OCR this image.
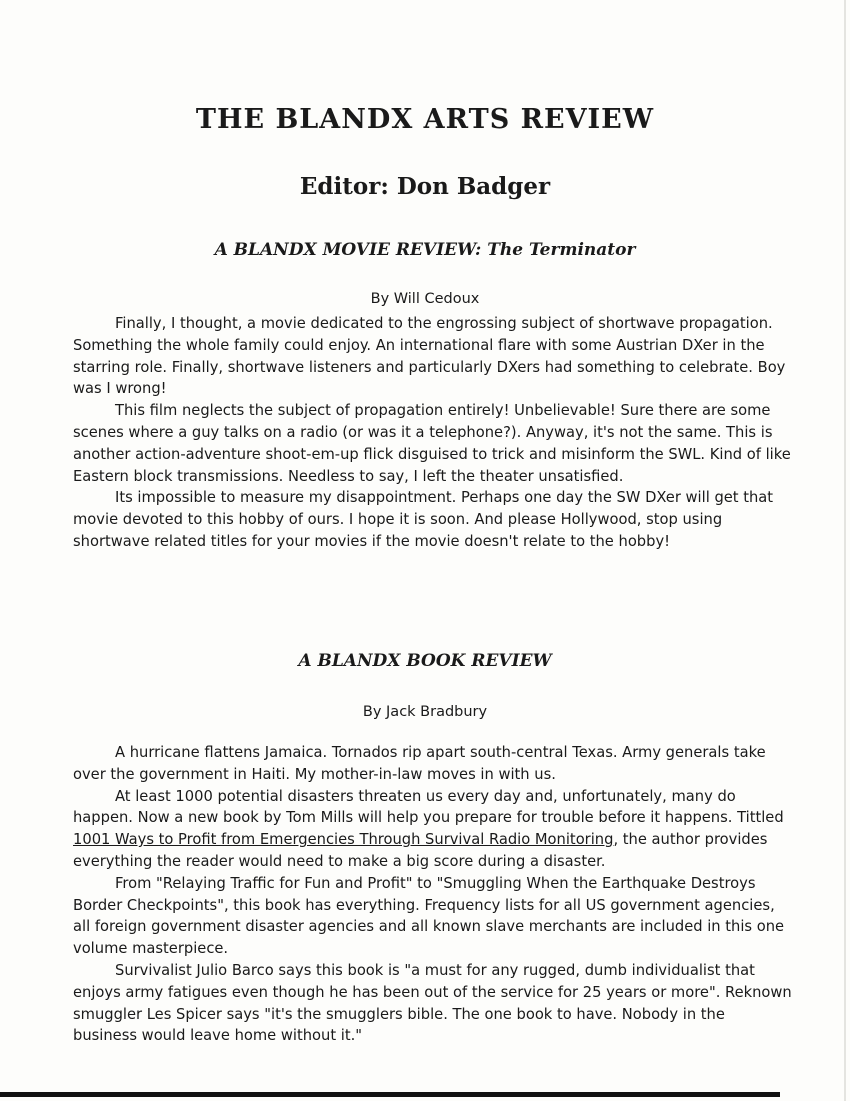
THE BLANDX ARTS REVIEW
Editor: Don Badger
A BLANDX MOVIE REVIEW: The Terminator
By Will Cedoux

Finally, I thought, a movie dedicated to the engrossing subject of shortwave propagation. Something the whole family could enjoy. An international flare with some Austrian DXer in the starring role. Finally, shortwave listeners and particularly DXers had something to celebrate. Boy was I wrong!

This film neglects the subject of propagation entirely! Unbelievable! Sure there are some scenes where a guy talks on a radio (or was it a telephone?). Anyway, it's not the same. This is another action-adventure shoot-em-up flick disguised to trick and misinform the SWL. Kind of like Eastern block transmissions. Needless to say, I left the theater unsatisfied.

Its impossible to measure my disappointment. Perhaps one day the SW DXer will get that movie devoted to this hobby of ours. I hope it is soon. And please Hollywood, stop using shortwave related titles for your movies if the movie doesn't relate to the hobby!

A BLANDX BOOK REVIEW
By Jack Bradbury

A hurricane flattens Jamaica. Tornados rip apart south-central Texas. Army generals take over the government in Haiti. My mother-in-law moves in with us.

At least 1000 potential disasters threaten us every day and, unfortunately, many do happen. Now a new book by Tom Mills will help you prepare for trouble before it happens. Tittled 1001 Ways to Profit from Emergencies Through Survival Radio Monitoring, the author provides everything the reader would need to make a big score during a disaster.

From "Relaying Traffic for Fun and Profit" to "Smuggling When the Earthquake Destroys Border Checkpoints", this book has everything. Frequency lists for all US government agencies, all foreign government disaster agencies and all known slave merchants are included in this one volume masterpiece.

Survivalist Julio Barco says this book is "a must for any rugged, dumb individualist that enjoys army fatigues even though he has been out of the service for 25 years or more". Reknown smuggler Les Spicer says "it's the smugglers bible. The one book to have. Nobody in the business would leave home without it."
